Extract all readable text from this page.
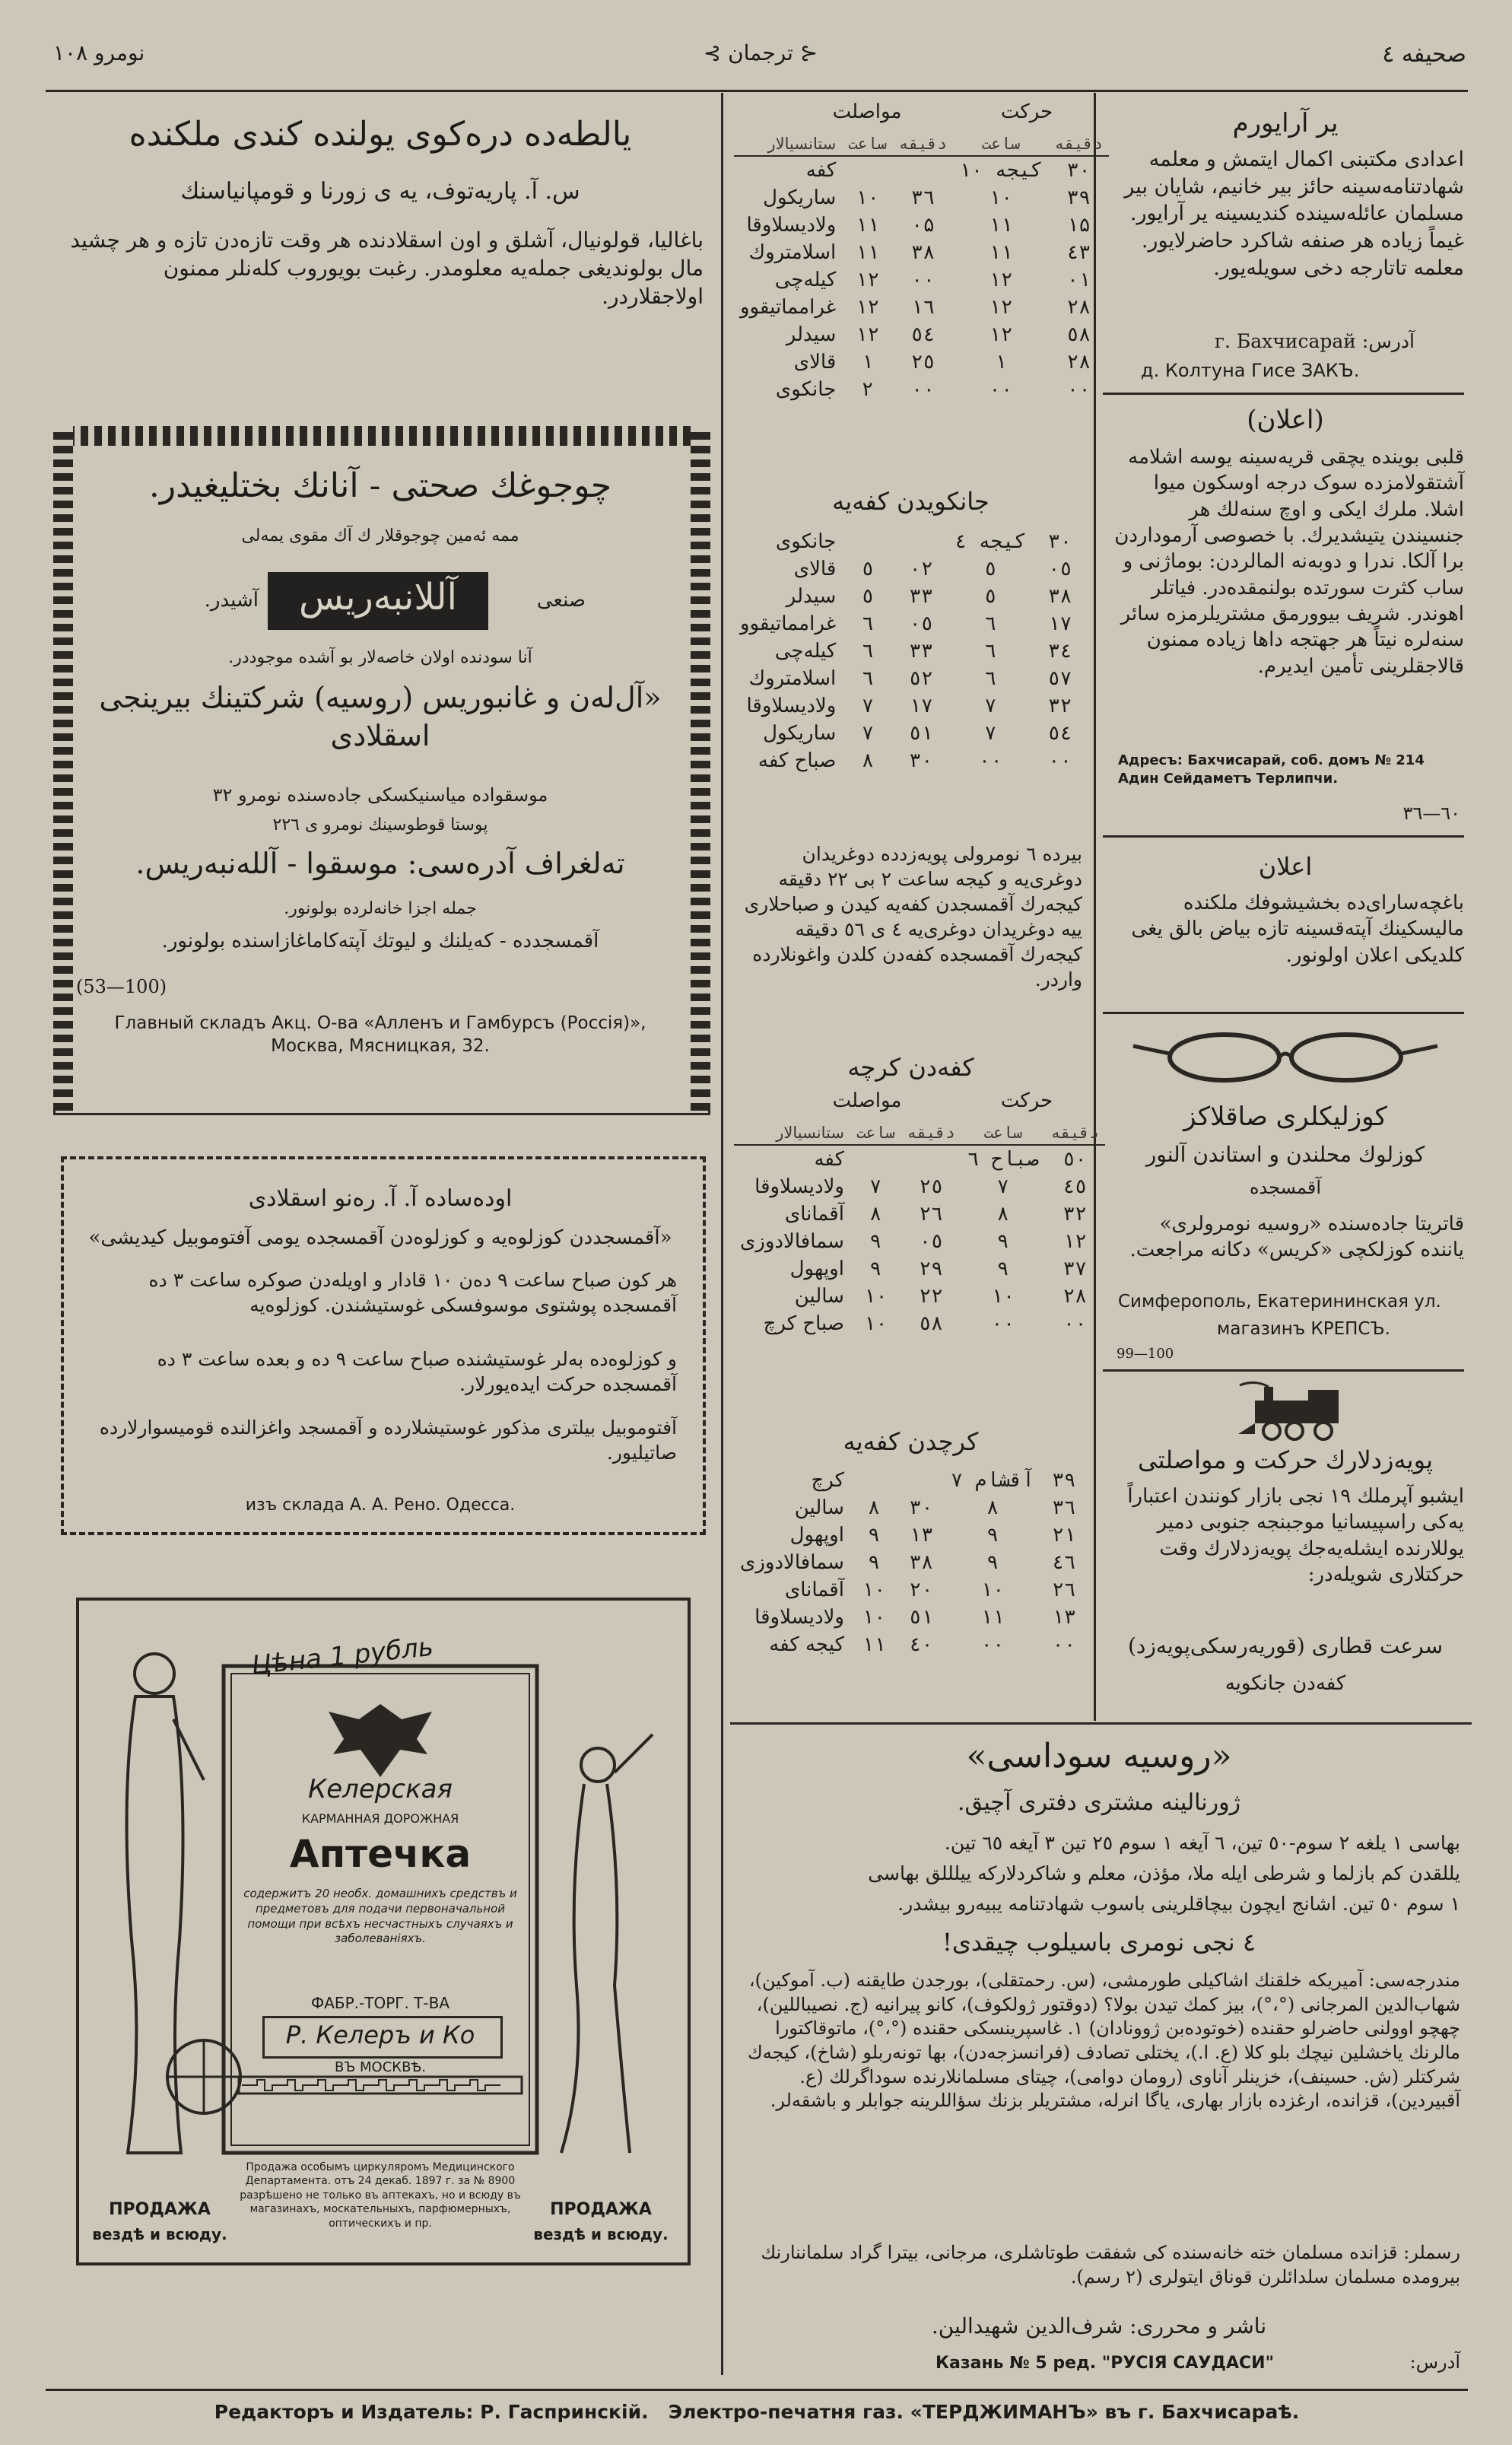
صحیفه ٤
⊰ ترجمان ⊱
نومرو ۱۰۸
یر آرایورم
اعدادی مکتبنی اکمال ایتمش و معلمه شهادتنامه‌سینه حائز بیر خانیم، شایان بیر مسلمان عائله‌سینده کندیسینه یر آرایور. غیماً زیاده هر صنفه شاکرد حاضرلایور. معلمه تاتارجه دخی سویله‌یور.
آدرس: г. Бахчисарай
д. Колтуна Гисе ЗАКЪ.
(اعلان)
قلبی بوینده یچقی قریه‌سینه یوسه اشلامه آشتقولامزده سوک درجه اوسکون میوا اشلا. ملرك ایکی و اوچ سنه‌لك هر جنسیندن یتیشدیرك. با خصوصی آرموداردن برا آلکا. ندرا و دوبه‌نه المالردن: بوماژنی و ساب کثرت سورتده بولنمقده‌در. فیاتلر اهوندر. شریف بیوورمق مشتریلرمزه سائر سنه‌لره نیتاً هر جهتجه داها زیاده ممنون قالاجقلرینی تأمین ایدیرم.
Адресъ: Бахчисарай, соб. домъ № 214 Адин Сейдаметъ Терлипчи.
٦٠—٣٦
اعلان
باغچه‌سارای‌ده بخشیشوفك ملکنده مالیسکینك آپته‌قسینه تازه بیاض بالق یغی کلدیکی اعلان اولونور.
کوزلیکلری صاقلاکز
کوزلوك محلندن و استاندن آلنور
آقمسجده
قاتریتا جاده‌سنده «روسیه نومرولری» یاننده کوزلکچی «کریس» دکانه مراجعت.
Симферополь, Екатерининская ул.
магазинъ КРЕПСЪ.
99—100
پویه‌زدلارك حرکت و مواصلتی
ایشبو آپرملك ۱۹ نجی بازار کونندن اعتباراً یه‌کی راسپیسانیا موجبنجه جنوبی دمیر یوللارنده ایشله‌یه‌جك پویه‌زدلارك وقت حرکتلاری شویله‌در:
سرعت قطاری (قوریه‌رسکی‌پویه‌زد)
کفه‌دن جانکویه
حرکت
مواصلت
دقیقه	ساعت	دقیقه	ساعت	ستانسیالار
۳۰	کیجه ۱۰			کفه
۳۹	۱۰	۳٦	۱۰	ساریکول
۱۵	۱۱	۰۵	۱۱	ولادیسلاوقا
٤۳	۱۱	۳۸	۱۱	اسلامتروك
۰۱	۱۲	۰۰	۱۲	کیله‌چی
۲۸	۱۲	۱٦	۱۲	غرامماتیقوو
٥۸	۱۲	٥٤	۱۲	سیدلر
۲۸	۱	۲٥	۱	قالای
۰۰	۰۰	۰۰	۲	جانکوی
جانکویدن کفه‌یه
۳۰	کیجه ٤			جانکوی
۰٥	٥	۰۲	٥	قالای
۳۸	٥	۳۳	٥	سیدلر
۱۷	٦	۰٥	٦	غرامماتیقوو
۳٤	٦	۳۳	٦	کیله‌چی
٥۷	٦	٥۲	٦	اسلامتروك
۳۲	۷	۱۷	۷	ولادیسلاوقا
٥٤	۷	٥۱	۷	ساریکول
۰۰	۰۰	۳۰	۸	صباح کفه
بیرده ٦ نومرولی پویه‌زدده دوغریدان دوغری‌یه و کیجه ساعت ۲ بی ۲۲ دقیقه کیجه‌رك آقمسجدن کفه‌یه کیدن و صباحلاری ییه دوغریدان دوغری‌یه ٤ ی ٥٦ دقیقه کیجه‌رك آقمسجده کفه‌دن کلدن واغونلارده واردر.
کفه‌دن کرچه
حرکت
مواصلت
دقیقه	ساعت	دقیقه	ساعت	ستانسیالار
٥۰	صباح ٦			کفه
٤٥	۷	۲٥	۷	ولادیسلاوقا
۳۲	۸	۲٦	۸	آقمانای
۱۲	۹	۰٥	۹	سمافالادوزی
۳۷	۹	۲۹	۹	اوپهول
۲۸	۱۰	۲۲	۱۰	سالین
۰۰	۰۰	٥۸	۱۰	صباح کرچ
کرچدن کفه‌یه
۳۹	آقشام ۷			کرچ
۳٦	۸	۳۰	۸	سالین
۲۱	۹	۱۳	۹	اوپهول
٤٦	۹	۳۸	۹	سمافالادوزی
۲٦	۱۰	۲۰	۱۰	آقمانای
۱۳	۱۱	٥۱	۱۰	ولادیسلاوقا
۰۰	۰۰	٤۰	۱۱	کیجه کفه
یالطه‌ده دره‌کوی یولنده کندی ملکنده
س. آ. پاریه‌توف، یه ی زورنا و قومپانیاسنك
باغالیا، قولونیال، آشلق و اون اسقلادنده هر وقت تازه‌دن تازه و هر چشید مال بولوندیغی جمله‌یه معلومدر. رغبت بویوروب کله‌نلر ممنون اولاجقلاردر.
چوجوغك صحتی - آنانك بختلیغیدر.
ممه ئه‌مین چوجوقلار ك آك مقوی یمه‌لی
صنعی
آللانبه‌ریس
آشیدر.
آنا سودنده اولان خاصه‌لار بو آشده موجوددر.
«آل‌لەن و غانبوریس (روسیه) شرکتینك بیرینجی اسقلادی
موسقواده میاسنیکسکی جاده‌سنده نومرو ۳۲
پوستا قوطوسینك نومرو ی ۲۲٦
ته‌لغراف آدره‌سی: موسقوا - آلله‌نبه‌ریس.
جمله اجزا خانه‌لرده بولونور.
آقمسجدده - کەیلنك و لیوتك آپته‌کا‌ماغازاسنده بولونور.
(53—100)
Главный складъ Акц. О-ва «Алленъ и Гамбурсъ (Россія)», Москва, Мясницкая, 32.
اوده‌ساده آ. آ. ره‌نو اسقلادی
«آقمسجددن کوزلوه‌یه و کوزلوه‌دن آقمسجده یومی آفتوموبیل کیدیشی»
هر کون صباح ساعت ۹ ده‌ن ۱۰ قادار و اویله‌دن صوکره ساعت ۳ ده آقمسجده پوشتوی موسوفسکی غوستیشندن. کوزلوه‌یه
و کوزلوه‌ده بەلر غوستیشنده صباح ساعت ۹ ده و بعده ساعت ۳ ده آقمسجده حرکت ایده‌یورلار.
آفتوموبیل بیلتری مذکور غوستیشلارده و آقمسجد واغزالنده قومیسوارلارده صاتیلیور.
изъ склада А. А. Рено. Одесса.
Цѣна 1 рубль
Келерская
КАРМАННАЯ ДОРОЖНАЯ
Аптечка
содержитъ 20 необх. домашнихъ средствъ и предметовъ для подачи первоначальной помощи при всѣхъ несчастныхъ случаяхъ и заболеваніяхъ.
ФАБР.-ТОРГ. Т-ВА
Р. Келеръ и Ко
ВЪ МОСКВѢ.
Продажа особымъ циркуляромъ Медицинского Департамента. отъ 24 декаб. 1897 г. за № 8900 разрѣшено не только въ аптекахъ, но и всюду въ магазинахъ, москательныхъ, парфюмерныхъ, оптическихъ и пр.
ПРОДАЖА
вездѣ и всюду.
ПРОДАЖА
вездѣ и всюду.
«روسیه سوداسی»
ژورنالینه مشتری دفتری آچیق.
بهاسی ۱ یلغه ۲ سوم-٥۰ تین، ٦ آیغه ۱ سوم ۲٥ تین ۳ آیغه ٦٥ تین.
یللقدن کم بازلما و شرطی ایله ملا، مؤذن، معلم و شاکردلارکه ییلللق بهاسی
۱ سوم ٥۰ تین. اشانج ایچون بیچاقلرینی باسوب شهادتنامه یبیه‌رو بیشدر.
٤ نجی نومری باسیلوب چیقدی!
مندرجه‌سی: آمیریکه خلقنك اشاکیلی طورمشی، (س. رحمتقلی)، بورجدن طایقنه (ب. آموکین)، شهاب‌الدین المرجانی (°،°)، بیز کمك تیدن بولا؟ (دوقتور ژولکوف)، کانو پیرانیه (ج. نصیباللین)، چهچو اوولنی حاضرلو حقنده (خوتوده‌بن ژوونادان) ۱. غاسپرینسکی حقنده (°،°)، ماتوقاکتورا مالرنك یاخشلین نیچك بلو کلا (ع. ا.)، یختلی تصادف (فرانسزجه‌دن)، بها تونه‌ربلو (شاخ)، کیجه‌ك شرکتلر (ش. حسینف)، خزینلر آناوی (رومان دوامی)، چیتای مسلمانلارنده سوداگرلك (ع. آقبیردین)، قزانده، ارغزده بازار بهاری، یاگا انرله، مشتریلر بزنك سؤاللرینه جوابلر و باشقه‌لر.
رسملر: قزانده مسلمان خته خانه‌سنده کی شفقت طوتاشلری، مرجانی، بیترا گراد سلماننارنك بیرومده مسلمان سلدائلرن قوناق ایتولری (۲ رسم).
ناشر و محرری: شرف‌الدین شهیدالین.
آدرس:
Казань № 5 ред. "РУСІЯ САУДАСИ"
Редакторъ и Издатель: Р. Гаспринскій.   Электро-печатня газ. «ТЕРДЖИМАНЪ» въ г. Бахчисараѣ.
